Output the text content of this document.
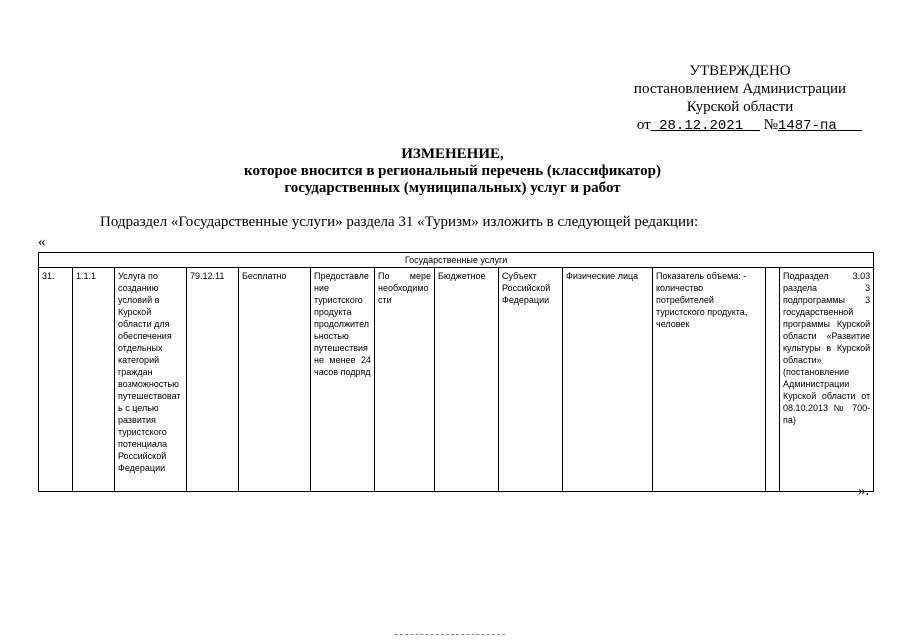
УТВЕРЖДЕНО
постановлением Администрации
Курской области
от 28.12.2021 №1487-па
ИЗМЕНЕНИЕ,
которое вносится в региональный перечень (классификатор)
государственных (муниципальных) услуг и работ
Подраздел «Государственные услуги» раздела 31 «Туризм» изложить в следующей редакции:
«
Государственные услуги
31.	1.1.1	Услуга по созданию условий в Курской области для обеспечения отдельных категорий граждан возможностью путешествовать с целью развития туристского потенциала Российской Федерации	79.12.11	Бесплатно	Предоставление туристского продукта продолжительностью путешествия не менее 24 часов подряд	По мере необходимости	Бюджетное	Субъект Российской Федерации	Физические лица	Показатель объема: - количество потребителей туристского продукта, человек		Подраздел 3.03 раздела 3 подпрограммы 3 государственной программы Курской области «Развитие культуры в Курской области» (постановление Администрации Курской области от 08.10.2013 № 700-па)
».
